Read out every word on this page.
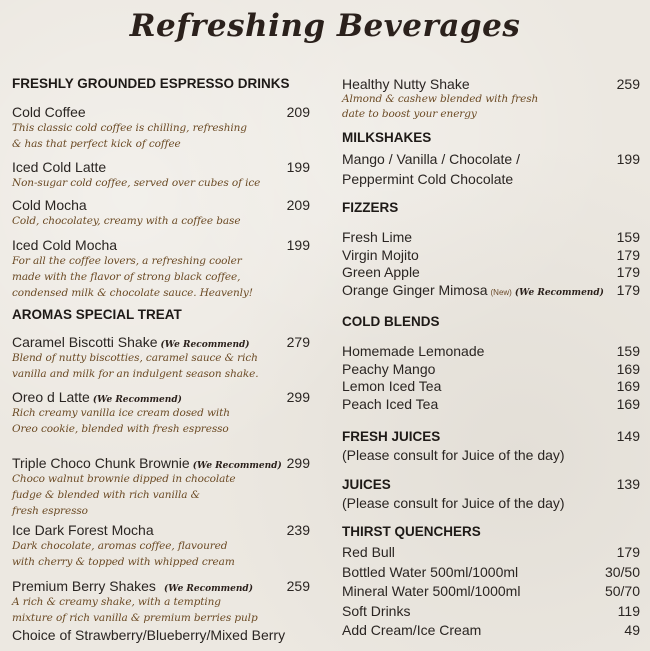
Refreshing Beverages
FRESHLY GROUNDED ESPRESSO DRINKS
Cold Coffee	209
This classic cold coffee is chilling, refreshing
& has that perfect kick of coffee
Iced Cold Latte	199
Non-sugar cold coffee, served over cubes of ice
Cold Mocha	209
Cold, chocolatey, creamy with a coffee base
Iced Cold Mocha	199
For all the coffee lovers, a refreshing cooler
made with the flavor of strong black coffee,
condensed milk & chocolate sauce. Heavenly!
AROMAS SPECIAL TREAT
Caramel Biscotti Shake (We Recommend)	279
Blend of nutty biscotties, caramel sauce & rich
vanilla and milk for an indulgent season shake.
Oreo d Latte (We Recommend)	299
Rich creamy vanilla ice cream dosed with
Oreo cookie, blended with fresh espresso
Triple Choco Chunk Brownie (We Recommend) 299
Choco walnut brownie dipped in chocolate
fudge & blended with rich vanilla &
fresh espresso
Ice Dark Forest Mocha	239
Dark chocolate, aromas coffee, flavoured
with cherry & topped with whipped cream
Premium Berry Shakes (We Recommend) 259
A rich & creamy shake, with a tempting
mixture of rich vanilla & premium berries pulp
Choice of Strawberry/Blueberry/Mixed Berry
Healthy Nutty Shake	259
Almond & cashew blended with fresh
date to boost your energy
MILKSHAKES
Mango / Vanilla / Chocolate /	199
Peppermint Cold Chocolate
FIZZERS
Fresh Lime	159
Virgin Mojito	179
Green Apple	179
Orange Ginger Mimosa (New) (We Recommend) 179
COLD BLENDS
Homemade Lemonade	159
Peachy Mango	169
Lemon Iced Tea	169
Peach Iced Tea	169
FRESH JUICES	149
(Please consult for Juice of the day)
JUICES	139
(Please consult for Juice of the day)
THIRST QUENCHERS
Red Bull	179
Bottled Water 500ml/1000ml	30/50
Mineral Water 500ml/1000ml	50/70
Soft Drinks	119
Add Cream/Ice Cream	49
